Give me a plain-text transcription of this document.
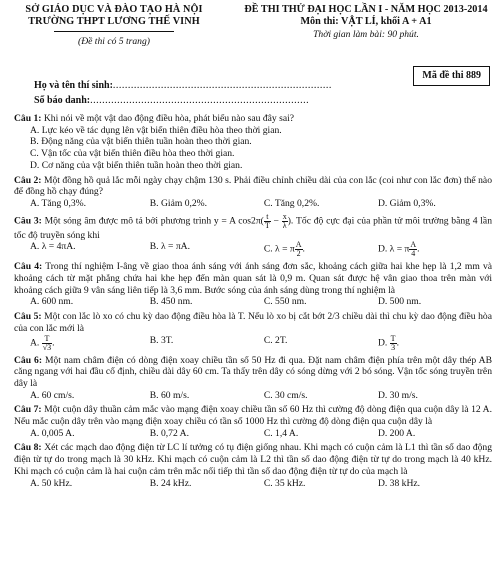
SỞ GIÁO DỤC VÀ ĐÀO TẠO HÀ NỘI
TRƯỜNG THPT LƯƠNG THẾ VINH
(Đề thi có 5 trang)
ĐỀ THI THỬ ĐẠI HỌC LẦN I - NĂM HỌC 2013-2014
Môn thi: VẬT LÍ, khối A + A1
Thời gian làm bài: 90 phút.
Họ và tên thí sinh:.........................................................................
Số báo danh:.........................................................................
Mã đề thi 889
Câu 1: Khi nói về một vật dao động điều hòa, phát biểu nào sau đây sai?
A. Lực kéo về tác dụng lên vật biến thiên điều hòa theo thời gian.
B. Động năng của vật biến thiên tuần hoàn theo thời gian.
C. Vận tốc của vật biến thiên điều hòa theo thời gian.
D. Cơ năng của vật biến thiên tuần hoàn theo thời gian.
Câu 2: Một đồng hồ quả lắc mỗi ngày chạy chậm 130 s. Phải điều chỉnh chiều dài của con lắc (coi như con lắc đơn) thế nào để đồng hồ chạy đúng?
A. Tăng 0,3%.	B. Giảm 0,2%.	C. Tăng 0,2%.	D. Giảm 0,3%.
Câu 3: Một sóng âm được mô tả bởi phương trình y = A $\cos 2\pi( \frac{t}{T} - \frac{x}{\lambda}$ ). Tốc độ cực đại của phần tử môi trường bằng 4 lần tốc độ truyền sóng khi
A. λ = 4πA.	B. λ = πA.	C. λ = π $\frac{A}{2}$ .	D. λ = π $\frac{A}{4}$ .
Câu 4: Trong thí nghiệm I-âng về giao thoa ánh sáng với ánh sáng đơn sắc, khoảng cách giữa hai khe hẹp là 1,2 mm và khoảng cách từ mặt phẳng chứa hai khe hẹp đến màn quan sát là 0,9 m. Quan sát được hệ vân giao thoa trên màn với khoảng cách giữa 9 vân sáng liên tiếp là 3,6 mm. Bước sóng của ánh sáng dùng trong thí nghiệm là
A. 600 nm.	B. 450 nm.	C. 550 nm.	D. 500 nm.
Câu 5: Một con lắc lò xo có chu kỳ dao động điều hòa là T. Nếu lò xo bị cắt bớt 2/3 chiều dài thì chu kỳ dao động điều hòa của con lắc mới là
A. $\frac{T}{√3}$ .	B. 3T.	C. 2T.	D. $\frac{T}{3}$ .
Câu 6: Một nam châm điện có dòng điện xoay chiều tần số 50 Hz đi qua. Đặt nam châm điện phía trên một dây thép AB căng ngang với hai đầu cố định, chiều dài dây 60 cm. Ta thấy trên dây có sóng dừng với 2 bó sóng. Vận tốc sóng truyền trên dây là
A. 60 cm/s.	B. 60 m/s.	C. 30 cm/s.	D. 30 m/s.
Câu 7: Một cuộn dây thuần cảm mắc vào mạng điện xoay chiều tần số 60 Hz thì cường độ dòng điện qua cuộn dây là 12 A. Nếu mắc cuộn dây trên vào mạng điện xoay chiều có tần số 1000 Hz thì cường độ dòng điện qua cuộn dây là
A. 0,005 A.	B. 0,72 A.	C. 1,4 A.	D. 200 A.
Câu 8: Xét các mạch dao động điện từ LC lí tưởng có tụ điện giống nhau. Khi mạch có cuộn cảm là L1 thì tần số dao động điện từ tự do trong mạch là 30 kHz. Khi mạch có cuộn cảm là L2 thì tần số dao động điện từ tự do trong mạch là 40 kHz. Khi mạch có cuộn cảm là hai cuộn cảm trên mắc nối tiếp thì tần số dao động điện từ tự do của mạch là
A. 50 kHz.	B. 24 kHz.	C. 35 kHz.	D. 38 kHz.
